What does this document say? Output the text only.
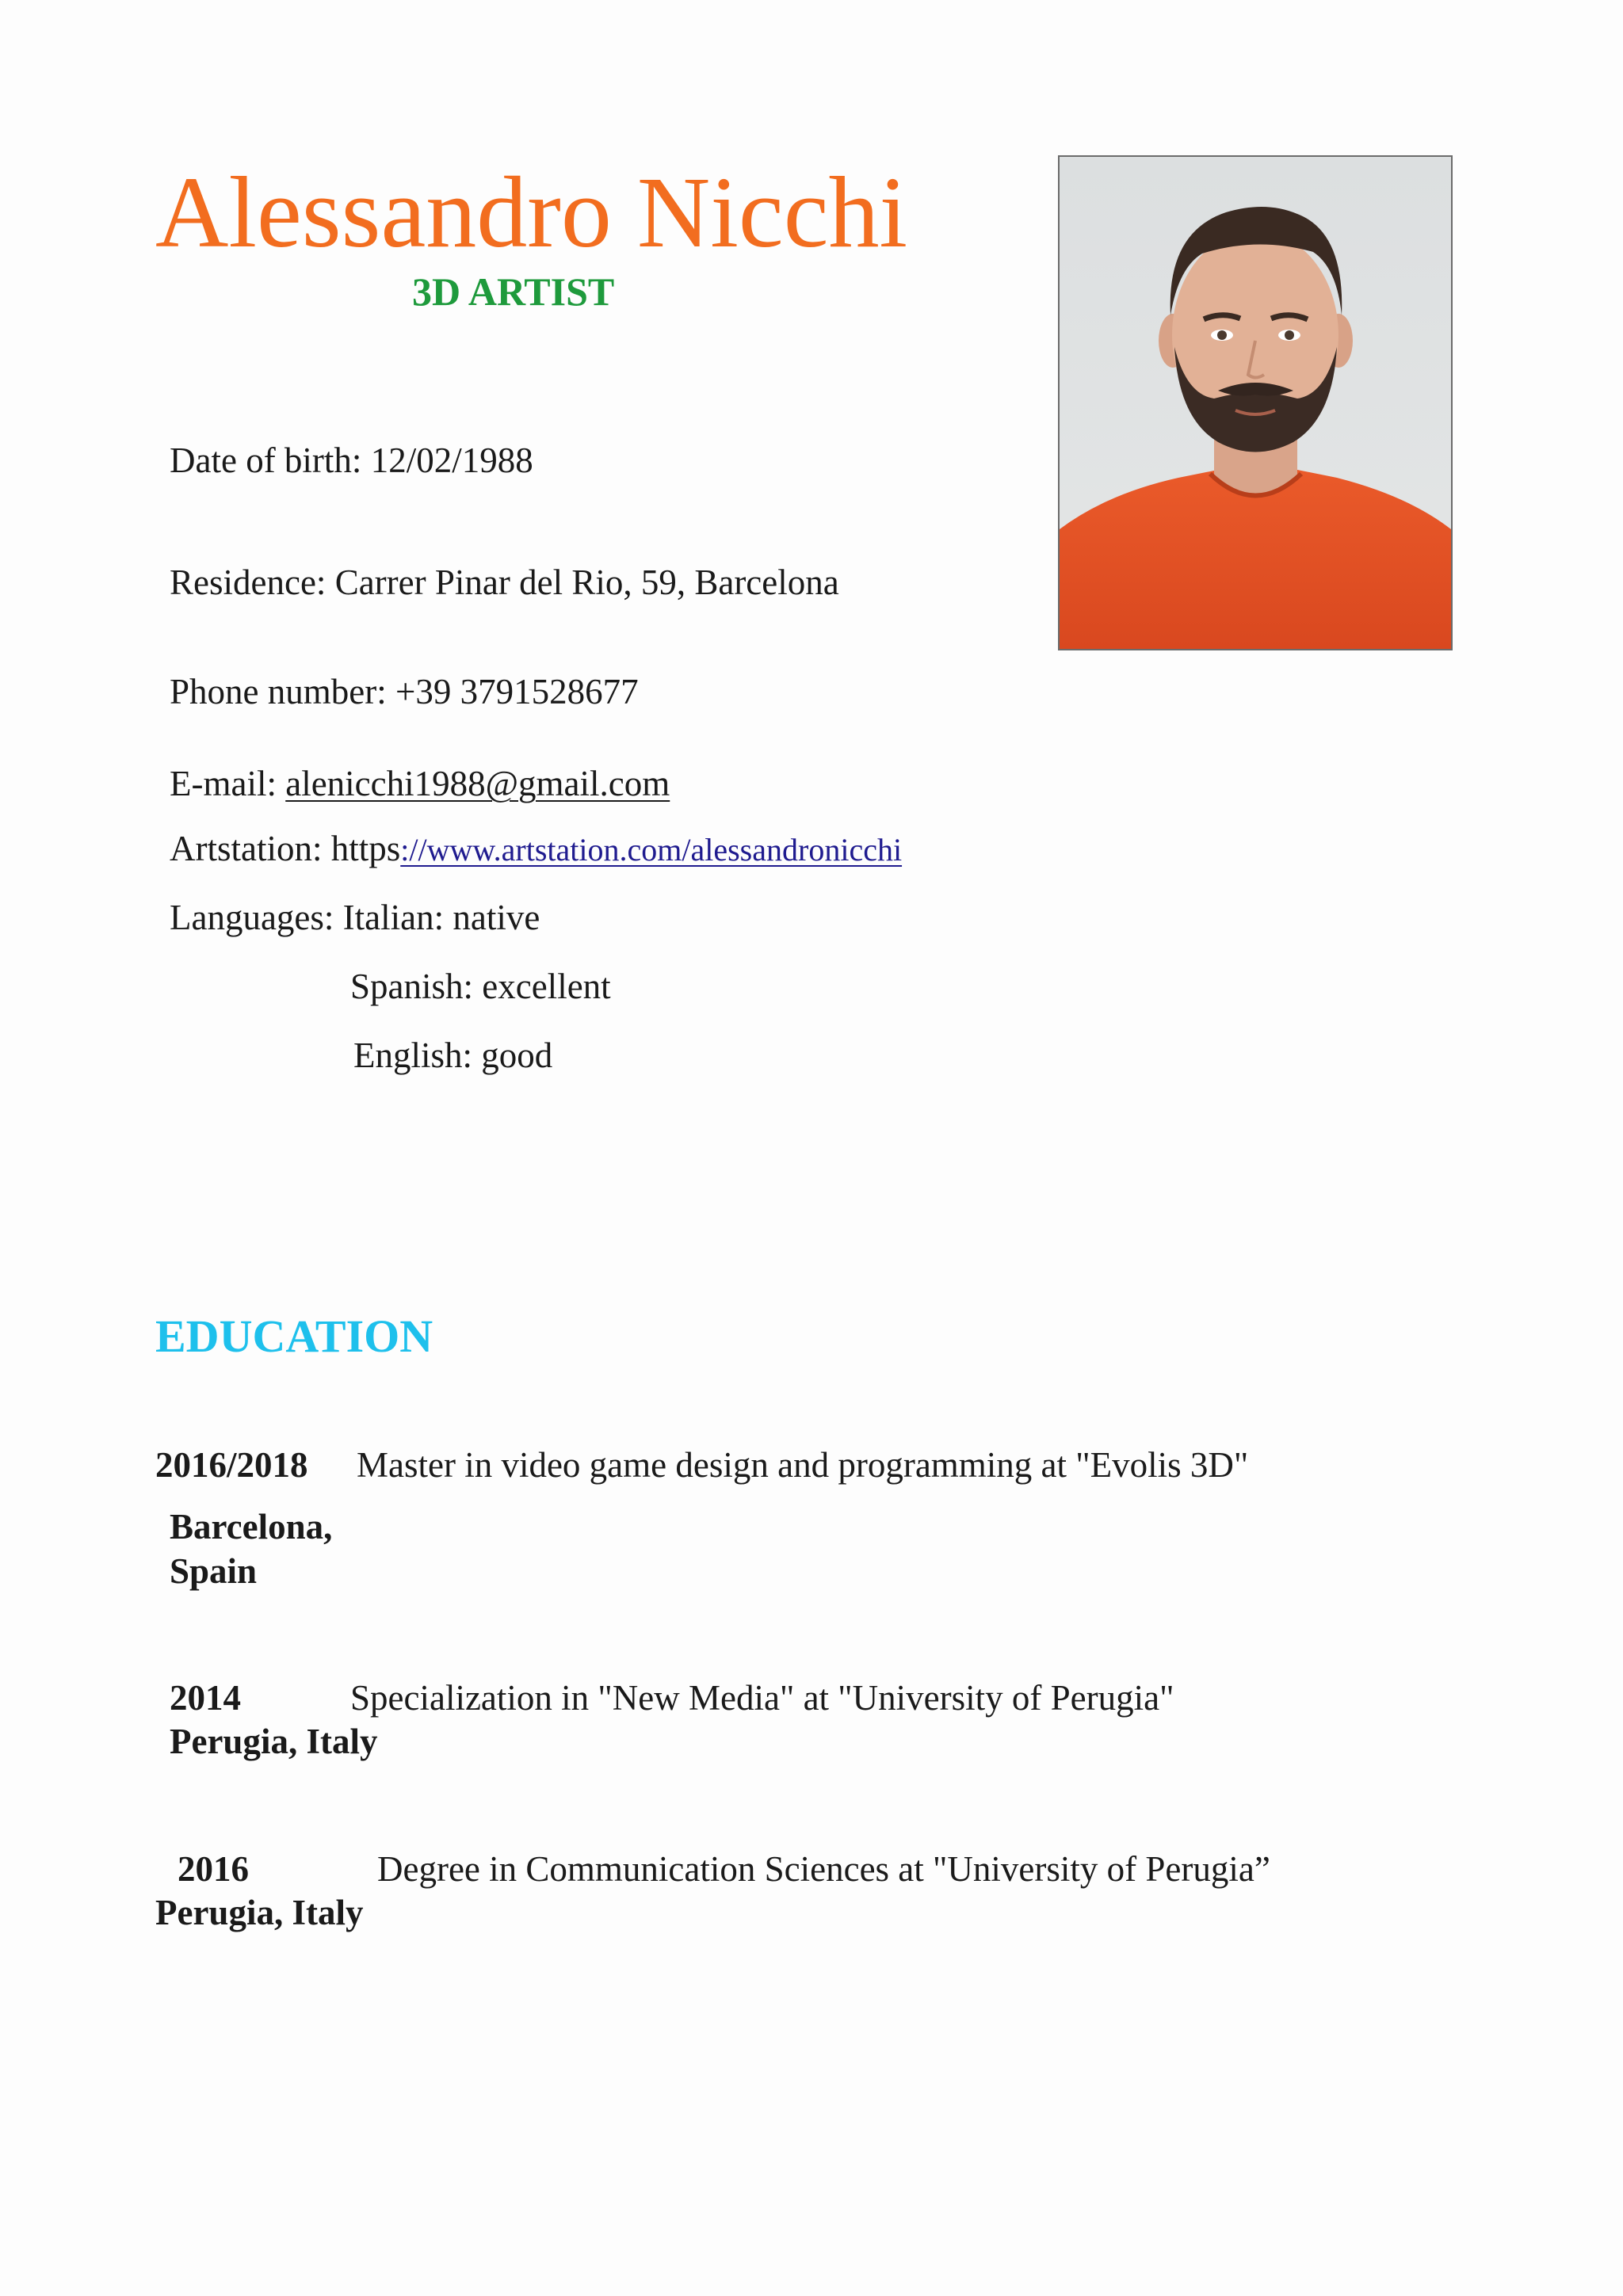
Alessandro Nicchi
3D ARTIST
Date of birth: 12/02/1988
Residence: Carrer Pinar del Rio, 59, Barcelona
Phone number: +39 3791528677
E-mail: alenicchi1988@gmail.com
Artstation: https://www.artstation.com/alessandronicchi
Languages: Italian: native
Spanish: excellent
English: good
EDUCATION
2016/2018 Master in video game design and programming at "Evolis 3D"
Barcelona,
Spain
2014	Specialization in "New Media" at "University of Perugia"
Perugia, Italy
2016	Degree in Communication Sciences at "University of Perugia”
Perugia, Italy
